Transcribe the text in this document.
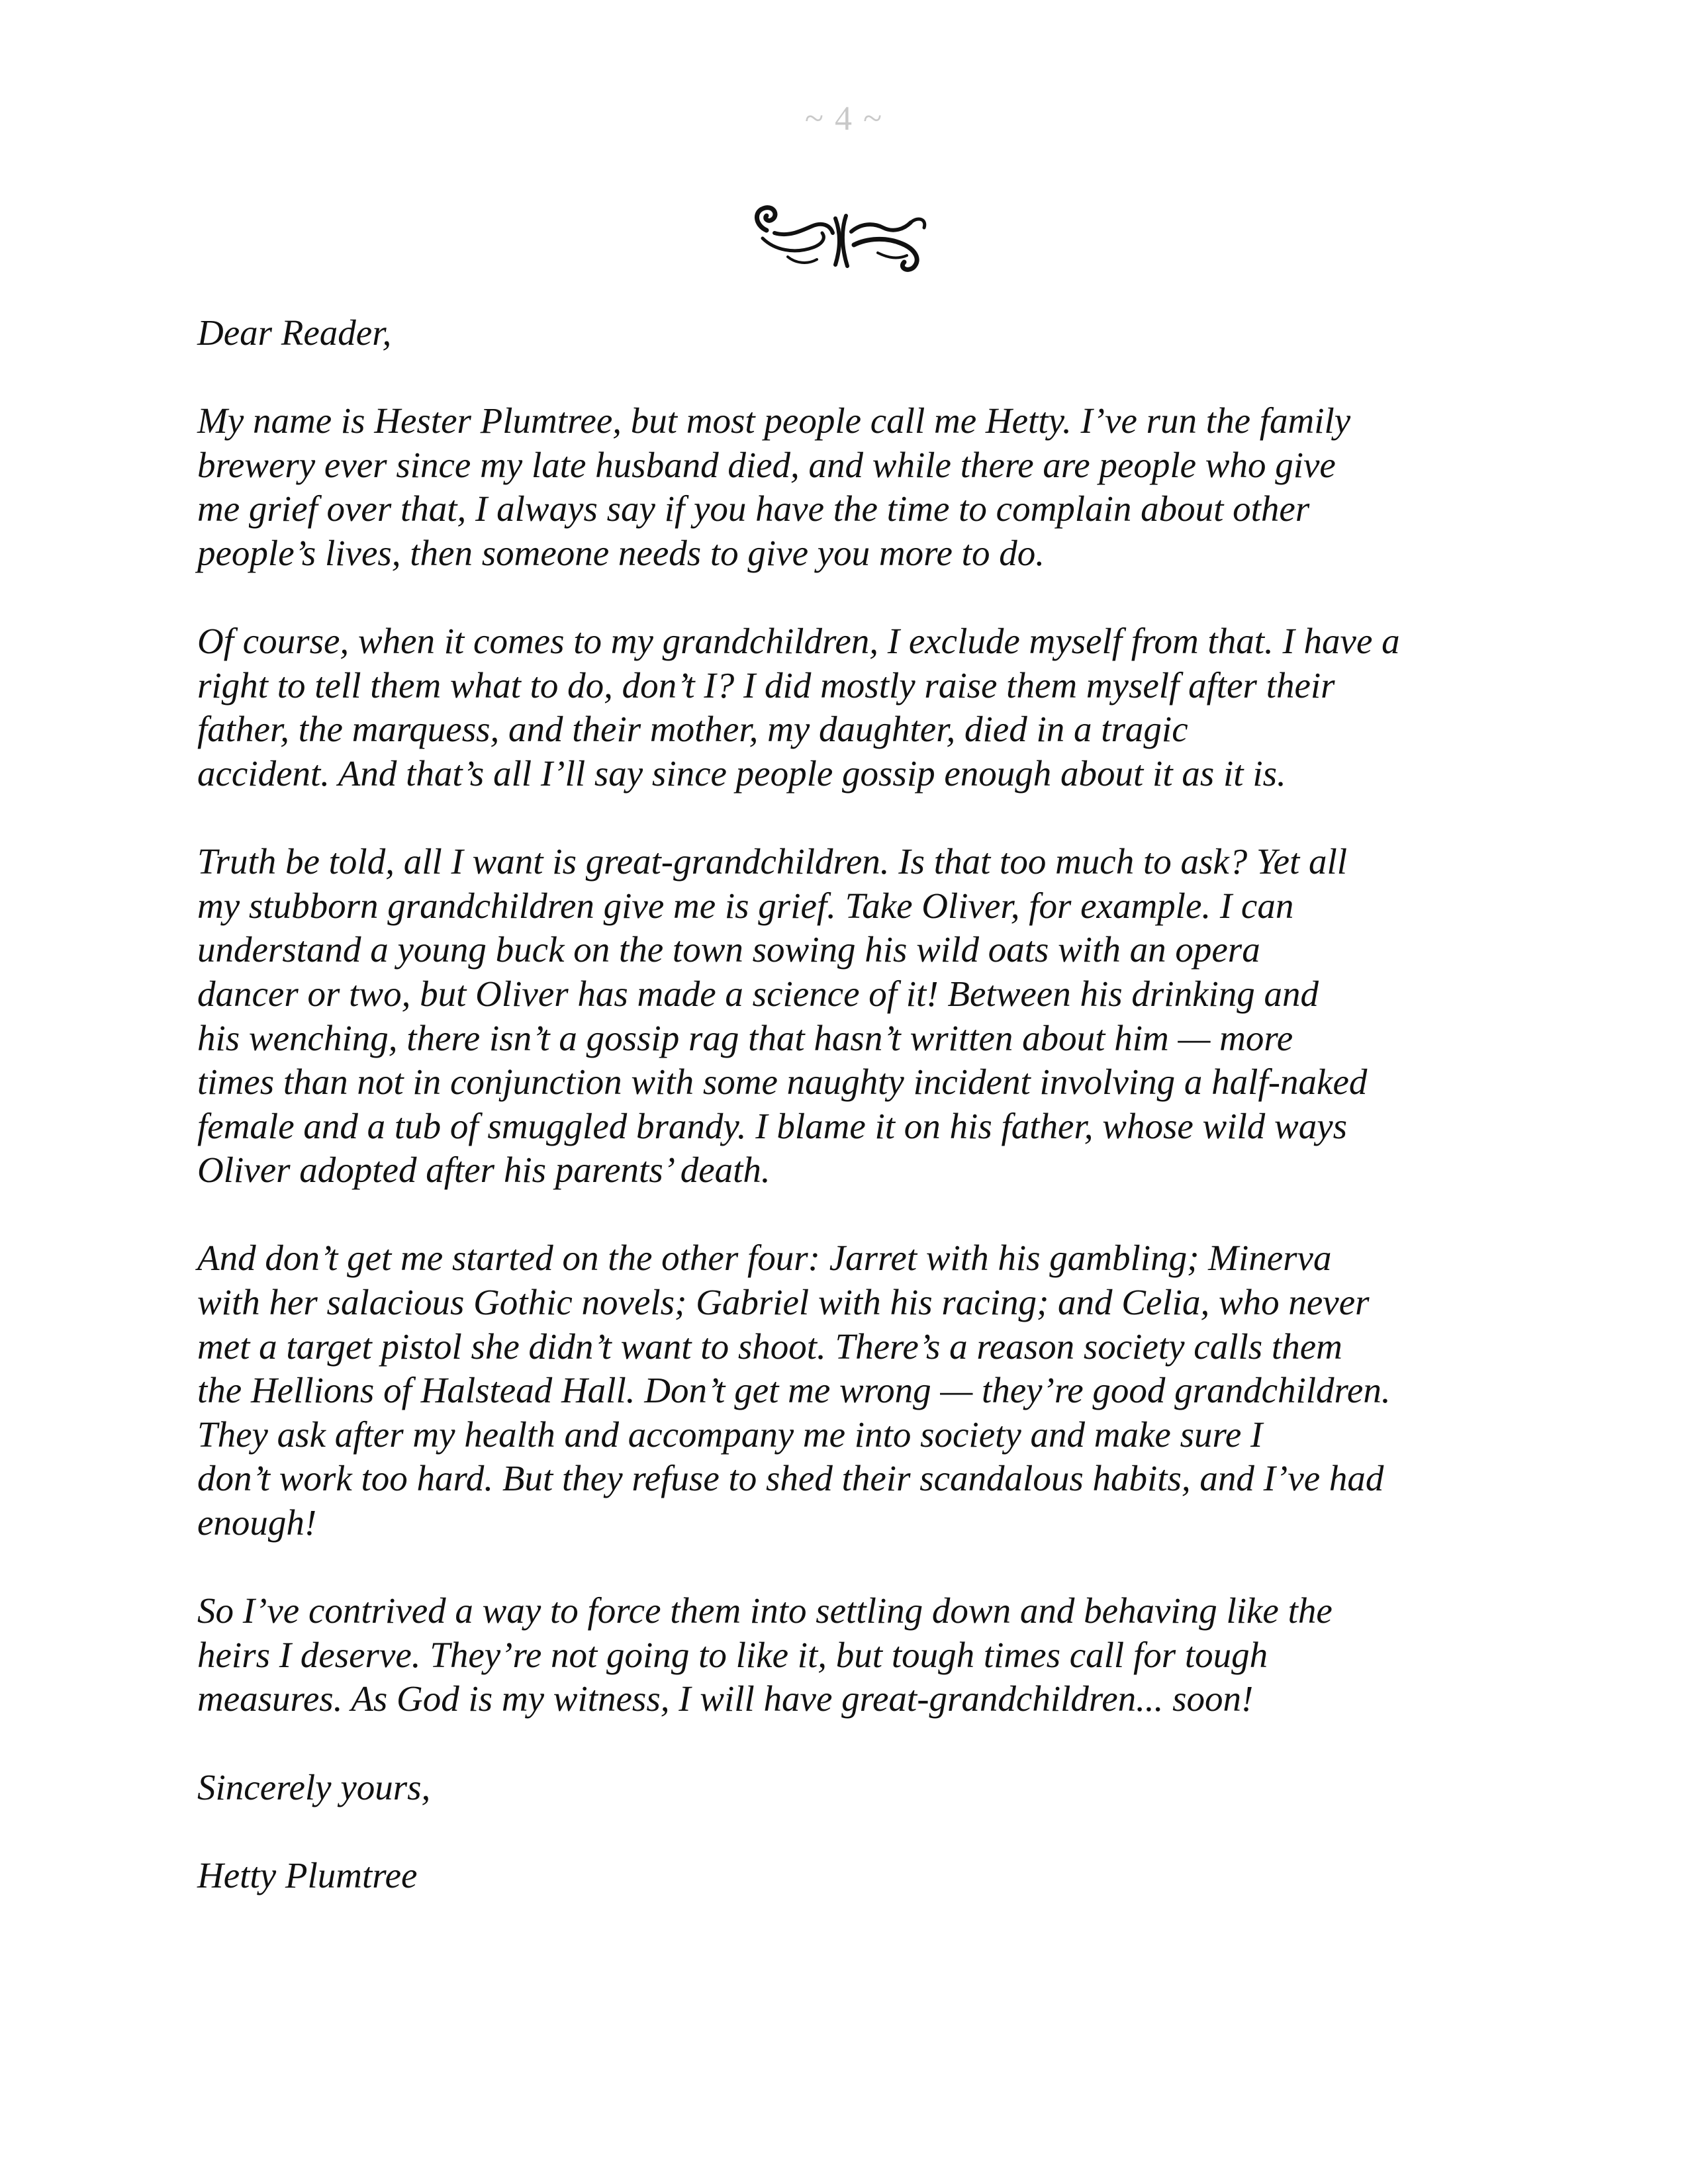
~ 4 ~

Dear Reader,

My name is Hester Plumtree, but most people call me Hetty. I’ve run the family
brewery ever since my late husband died, and while there are people who give
me grief over that, I always say if you have the time to complain about other
people’s lives, then someone needs to give you more to do.

Of course, when it comes to my grandchildren, I exclude myself from that. I have a
right to tell them what to do, don’t I? I did mostly raise them myself after their
father, the marquess, and their mother, my daughter, died in a tragic
accident. And that’s all I’ll say since people gossip enough about it as it is.

Truth be told, all I want is great-grandchildren. Is that too much to ask? Yet all
my stubborn grandchildren give me is grief. Take Oliver, for example. I can
understand a young buck on the town sowing his wild oats with an opera
dancer or two, but Oliver has made a science of it! Between his drinking and
his wenching, there isn’t a gossip rag that hasn’t written about him — more
times than not in conjunction with some naughty incident involving a half-naked
female and a tub of smuggled brandy. I blame it on his father, whose wild ways
Oliver adopted after his parents’ death.

And don’t get me started on the other four: Jarret with his gambling; Minerva
with her salacious Gothic novels; Gabriel with his racing; and Celia, who never
met a target pistol she didn’t want to shoot. There’s a reason society calls them
the Hellions of Halstead Hall. Don’t get me wrong — they’re good grandchildren.
They ask after my health and accompany me into society and make sure I
don’t work too hard. But they refuse to shed their scandalous habits, and I’ve had
enough!

So I’ve contrived a way to force them into settling down and behaving like the
heirs I deserve. They’re not going to like it, but tough times call for tough
measures. As God is my witness, I will have great-grandchildren... soon!

Sincerely yours,

Hetty Plumtree
